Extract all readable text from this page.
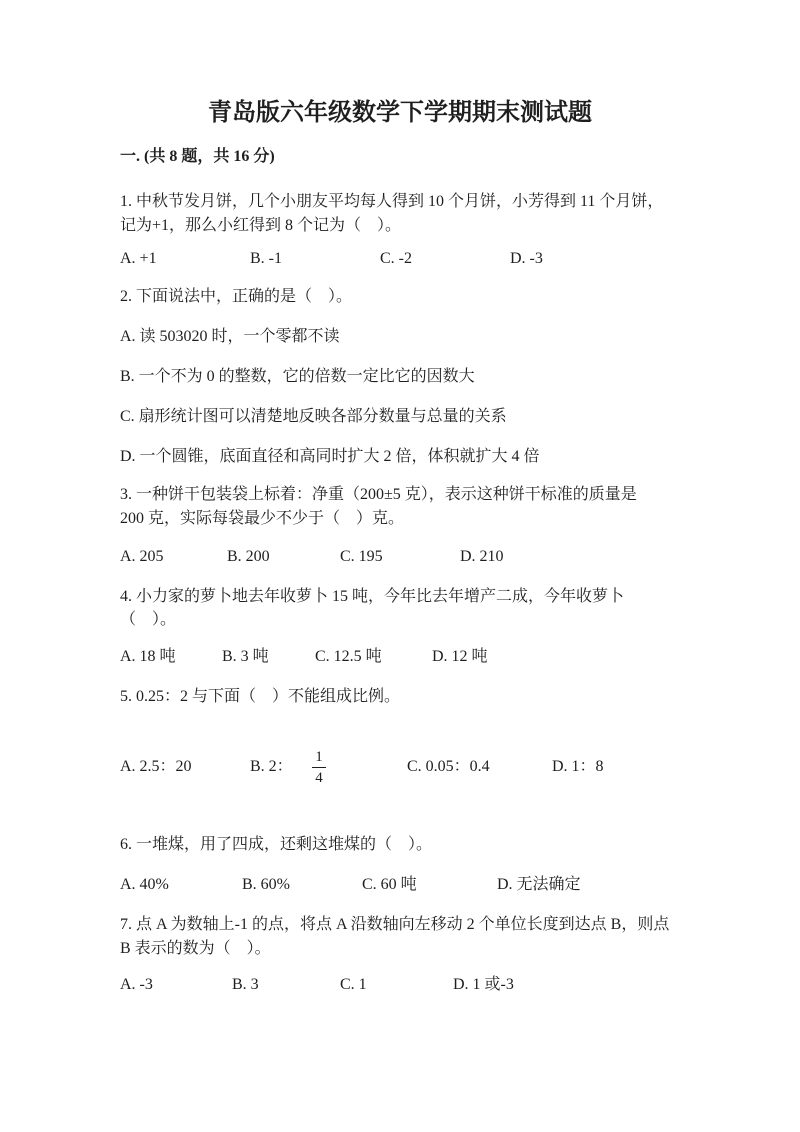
青岛版六年级数学下学期期末测试题
一. (共 8 题，共 16 分)
1. 中秋节发月饼，几个小朋友平均每人得到 10 个月饼，小芳得到 11 个月饼，
记为+1，那么小红得到 8 个记为（    ）。
A. +1	B. -1	C. -2	D. -3
2. 下面说法中，正确的是（    ）。
A. 读 503020 时，一个零都不读
B. 一个不为 0 的整数，它的倍数一定比它的因数大
C. 扇形统计图可以清楚地反映各部分数量与总量的关系
D. 一个圆锥，底面直径和高同时扩大 2 倍，体积就扩大 4 倍
3. 一种饼干包装袋上标着：净重（200±5 克），表示这种饼干标准的质量是
200 克，实际每袋最少不少于（    ）克。
A. 205	B. 200	C. 195	D. 210
4. 小力家的萝卜地去年收萝卜 15 吨，今年比去年增产二成，今年收萝卜
（    ）。
A. 18 吨	B. 3 吨	C. 12.5 吨	D. 12 吨
5. 0.25：2 与下面（    ）不能组成比例。
A. 2.5：20	B. 2： $\frac{1}{4}$	C. 0.05：0.4	D. 1：8
6. 一堆煤，用了四成，还剩这堆煤的（    ）。
A. 40%	B. 60%	C. 60 吨	D. 无法确定
7. 点 A 为数轴上-1 的点，将点 A 沿数轴向左移动 2 个单位长度到达点 B，则点
B 表示的数为（    ）。
A. -3	B. 3	C. 1	D. 1 或-3
